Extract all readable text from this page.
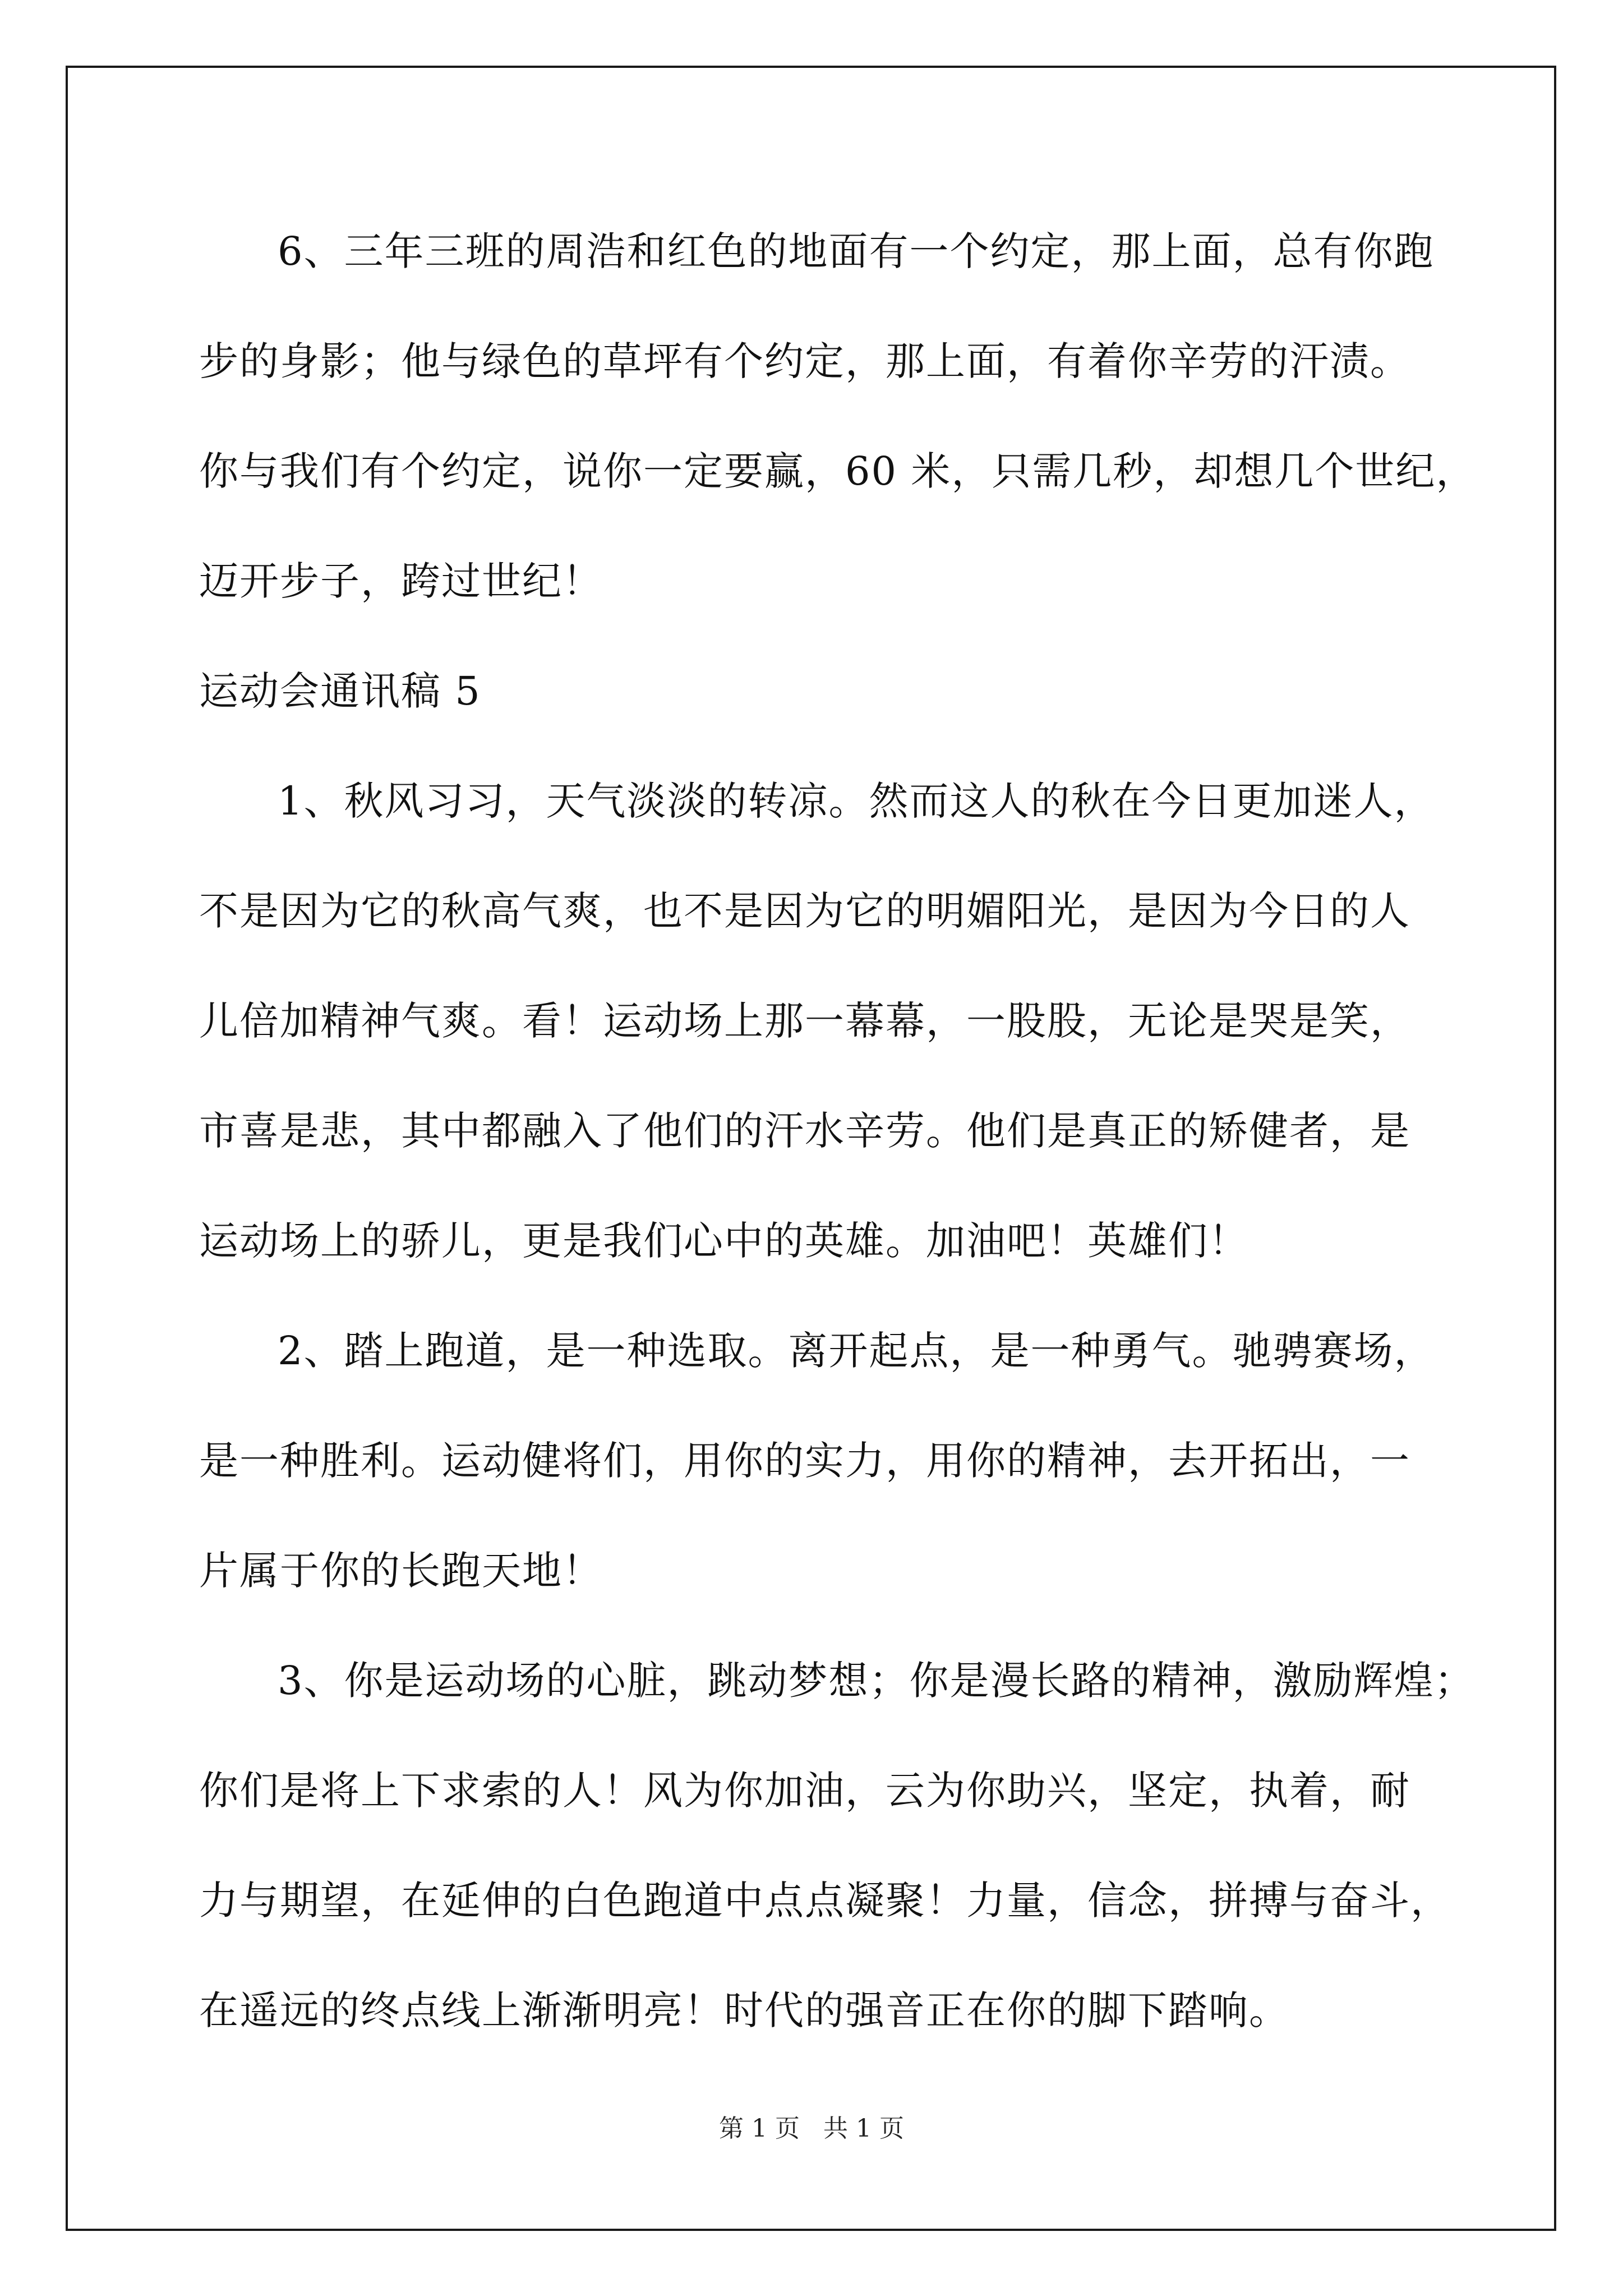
6、三年三班的周浩和红色的地面有一个约定，那上面，总有你跑
步的身影；他与绿色的草坪有个约定，那上面，有着你辛劳的汗渍。
你与我们有个约定，说你一定要赢，60 米，只需几秒，却想几个世纪，
迈开步子，跨过世纪！
运动会通讯稿 5
1、秋风习习，天气淡淡的转凉。然而这人的秋在今日更加迷人，
不是因为它的秋高气爽，也不是因为它的明媚阳光，是因为今日的人
儿倍加精神气爽。看！运动场上那一幕幕，一股股，无论是哭是笑，
市喜是悲，其中都融入了他们的汗水辛劳。他们是真正的矫健者，是
运动场上的骄儿，更是我们心中的英雄。加油吧！英雄们！
2、踏上跑道，是一种选取。离开起点，是一种勇气。驰骋赛场，
是一种胜利。运动健将们，用你的实力，用你的精神，去开拓出，一
片属于你的长跑天地！
3、你是运动场的心脏，跳动梦想；你是漫长路的精神，激励辉煌；
你们是将上下求索的人！风为你加油，云为你助兴，坚定，执着，耐
力与期望，在延伸的白色跑道中点点凝聚！力量，信念，拼搏与奋斗，
在遥远的终点线上渐渐明亮！时代的强音正在你的脚下踏响。
第 1 页   共 1 页
